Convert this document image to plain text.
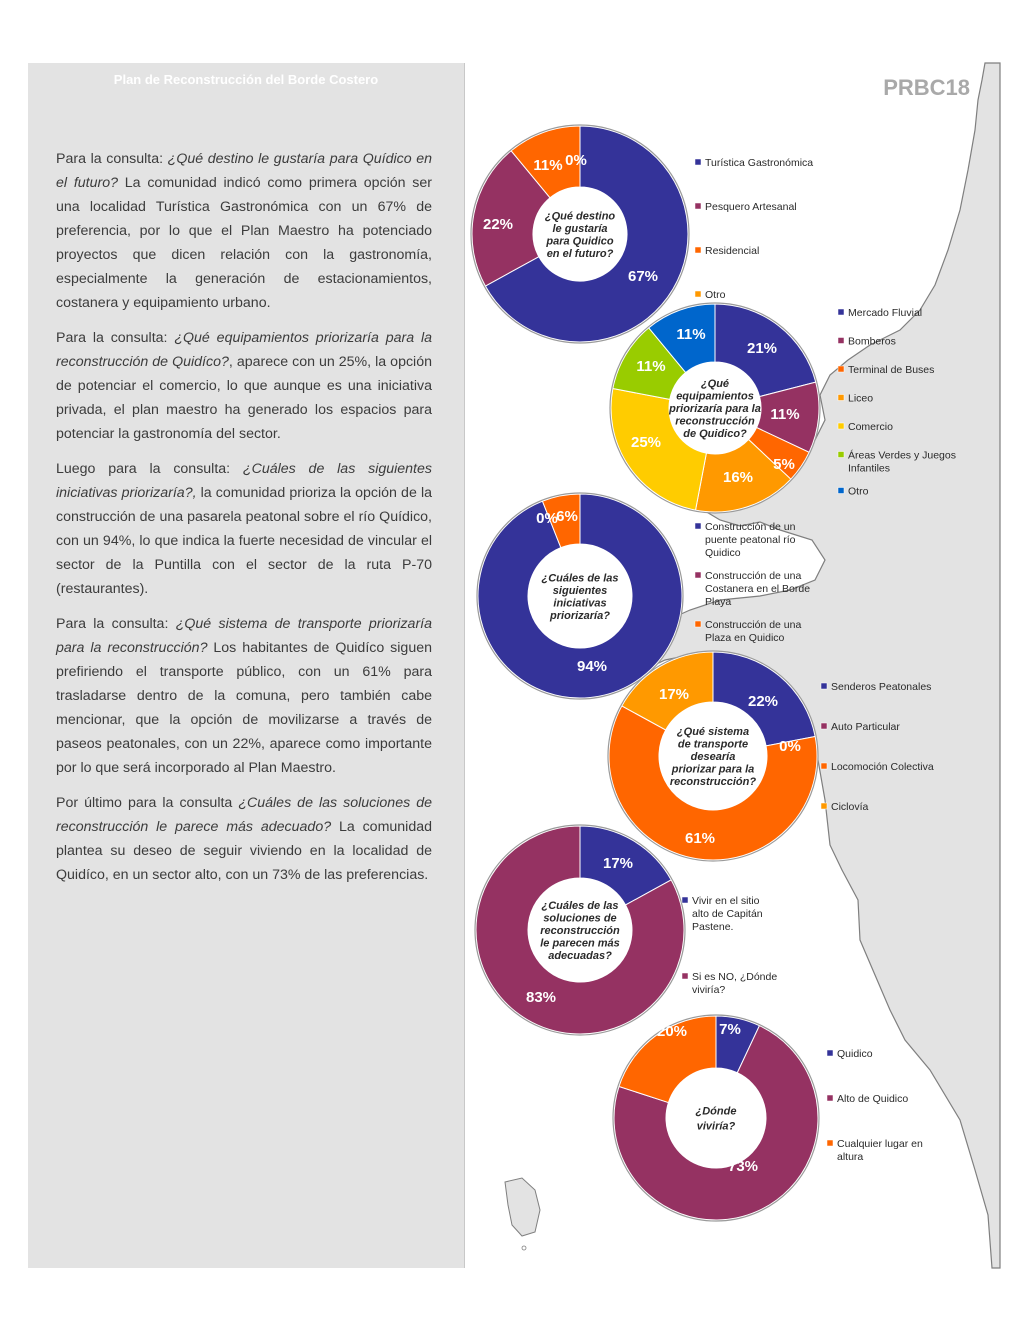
Plan de Reconstrucción del Borde Costero

Para la consulta: ¿Qué destino le gustaría para Quídico en el futuro? La comunidad indicó como primera opción ser una localidad Turística Gastronómica con un 67% de preferencia, por lo que el Plan Maestro ha potenciado proyectos que dicen relación con la gastronomía, especialmente la generación de estacionamientos, costanera y equipamiento urbano.

Para la consulta: ¿Qué equipamientos priorizaría para la reconstrucción de Quidíco?, aparece con un 25%, la opción de potenciar el comercio, lo que aunque es una iniciativa privada, el plan maestro ha generado los espacios para potenciar la gastronomía del sector.

Luego para la consulta: ¿Cuáles de las siguientes iniciativas priorizaría?, la comunidad prioriza la opción de la construcción de una pasarela peatonal sobre el río Quídico, con un 94%, lo que indica la fuerte necesidad de vincular el sector de la Puntilla con el sector de la ruta P-70 (restaurantes).

Para la consulta: ¿Qué sistema de transporte priorizaría para la reconstrucción? Los habitantes de Quidíco siguen prefiriendo el transporte público, con un 61% para trasladarse dentro de la comuna, pero también cabe mencionar, que la opción de movilizarse a través de paseos peatonales, con un 22%, aparece como importante por lo que será incorporado al Plan Maestro.

Por último para la consulta ¿Cuáles de las soluciones de reconstrucción le parece más adecuado? La comunidad plantea su deseo de seguir viviendo en la localidad de Quidíco, en un sector alto, con un 73% de las preferencias.

PRBC18
¿Qué destino
le gustaría
para Quidico
en el futuro?
67%
22%
11% 0%	Turística Gastronómica
Pesquero Artesanal
Residencial
Otro
¿Qué
equipamientos
priorizaría para la
reconstrucción
de Quidico?
21%
11%
5%
16%
25%
11%
11%
Mercado Fluvial
Bomberos
Terminal de Buses
Liceo
Comercio
Áreas Verdes y Juegos
Infantiles
Otro
¿Cuáles de las
siguientes
iniciativas
priorizaría?
94%
0%
6%
Construcción de un
puente peatonal río
Quidico
Construcción de una
Costanera en el Borde
Playa
Construcción de una
Plaza en Quidico
¿Qué sistema
de transporte
desearía
priorizar para la
reconstrucción?
22%
0%
61%
17%	Senderos Peatonales
Auto Particular
Locomoción Colectiva
Ciclovía
¿Cuáles de las
soluciones de
reconstrucción
le parecen más
adecuadas?
17%
83%
Vivir en el sitio
alto de Capitán
Pastene.
Si es NO, ¿Dónde
viviría?
¿Dónde
viviría?
7%
73%
20%
Quidico
Alto de Quidico
Cualquier lugar en
altura
20
